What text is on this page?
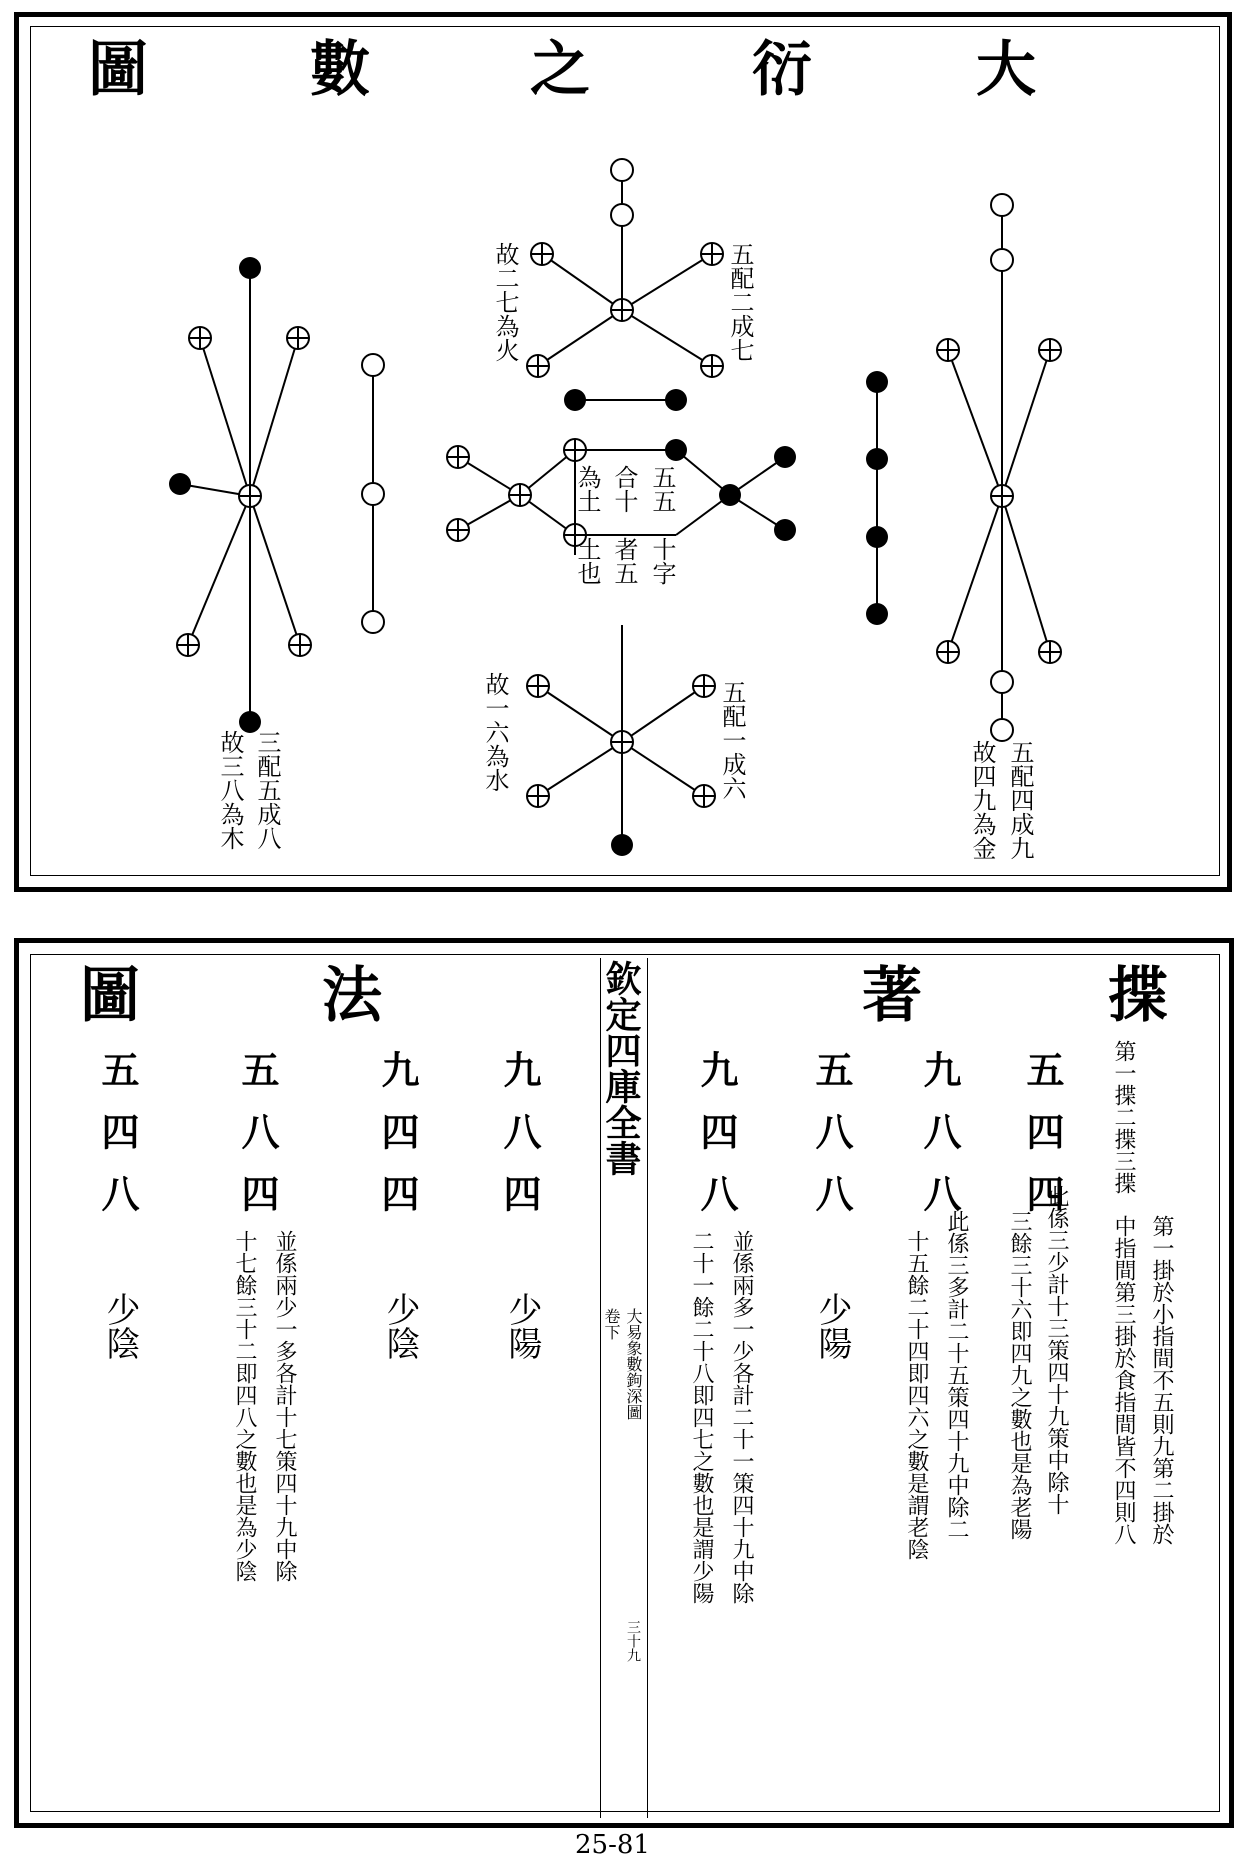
圖	數	之	衍	大
三配五成八
故三八為木
五配二成七
故二七為火
五五
合十
為土
十字
者五
土也
五配一成六
故一六為水
五配四成九
故四九為金
圖	法	著	揲
欽定四庫全書
大易象數鉤深圖
卷下
三十九
第一揲二揲三揲
第一掛於小指間不五則九第二掛於
中指間第三掛於食指間皆不四則八
五四四
此係三少計十三策四十九策中除十
三餘三十六即四九之數也是為老陽
九八八
此係三多計二十五策四十九中除二
十五餘二十四即四六之數是謂老陰
五八八
少陽
九四八
並係兩多一少各計二十一策四十九中除
二十一餘二十八即四七之數也是謂少陽
九八四
少陽
九四四
少陰
五八四
並係兩少一多各計十七策四十九中除
十七餘三十二即四八之數也是為少陰
五四八
少陰
25-81
